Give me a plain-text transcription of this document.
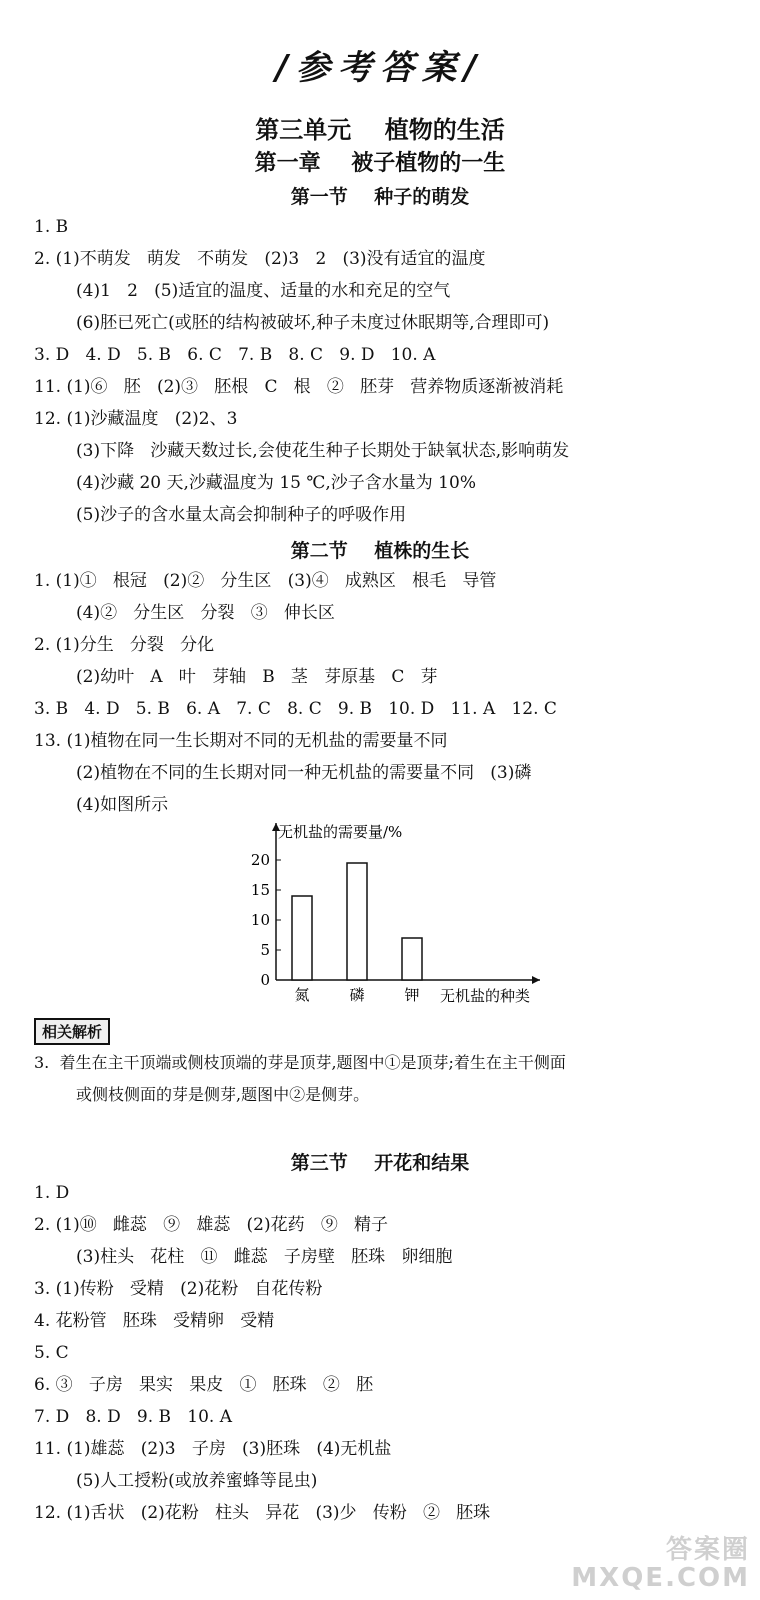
/参考答案/
第三单元    植物的生活
第一章    被子植物的一生
第一节    种子的萌发
1. B
2. (1)不萌发   萌发   不萌发   (2)3   2   (3)没有适宜的温度
(4)1   2   (5)适宜的温度、适量的水和充足的空气
(6)胚已死亡(或胚的结构被破坏,种子未度过休眠期等,合理即可)
3. D   4. D   5. B   6. C   7. B   8. C   9. D   10. A
11. (1)⑥   胚   (2)③   胚根   C   根   ②   胚芽   营养物质逐渐被消耗
12. (1)沙藏温度   (2)2、3
(3)下降   沙藏天数过长,会使花生种子长期处于缺氧状态,影响萌发
(4)沙藏 20 天,沙藏温度为 15 ℃,沙子含水量为 10%
(5)沙子的含水量太高会抑制种子的呼吸作用
第二节    植株的生长
1. (1)①   根冠   (2)②   分生区   (3)④   成熟区   根毛   导管
(4)②   分生区   分裂   ③   伸长区
2. (1)分生   分裂   分化
(2)幼叶   A   叶   芽轴   B   茎   芽原基   C   芽
3. B   4. D   5. B   6. A   7. C   8. C   9. B   10. D   11. A   12. C
13. (1)植物在同一生长期对不同的无机盐的需要量不同
(2)植物在不同的生长期对同一种无机盐的需要量不同   (3)磷
(4)如图所示
0
5
10
15
20
氮	磷	钾
无机盐的需要量/%
无机盐的种类
相关解析
3.  着生在主干顶端或侧枝顶端的芽是顶芽,题图中①是顶芽;着生在主干侧面
或侧枝侧面的芽是侧芽,题图中②是侧芽。
第三节    开花和结果
1. D
2. (1)⑩   雌蕊   ⑨   雄蕊   (2)花药   ⑨   精子
(3)柱头   花柱   ⑪   雌蕊   子房壁   胚珠   卵细胞
3. (1)传粉   受精   (2)花粉   自花传粉
4. 花粉管   胚珠   受精卵   受精
5. C
6. ③   子房   果实   果皮   ①   胚珠   ②   胚
7. D   8. D   9. B   10. A
11. (1)雄蕊   (2)3   子房   (3)胚珠   (4)无机盐
(5)人工授粉(或放养蜜蜂等昆虫)
12. (1)舌状   (2)花粉   柱头   异花   (3)少   传粉   ②   胚珠
答案圈
MXQE.COM
